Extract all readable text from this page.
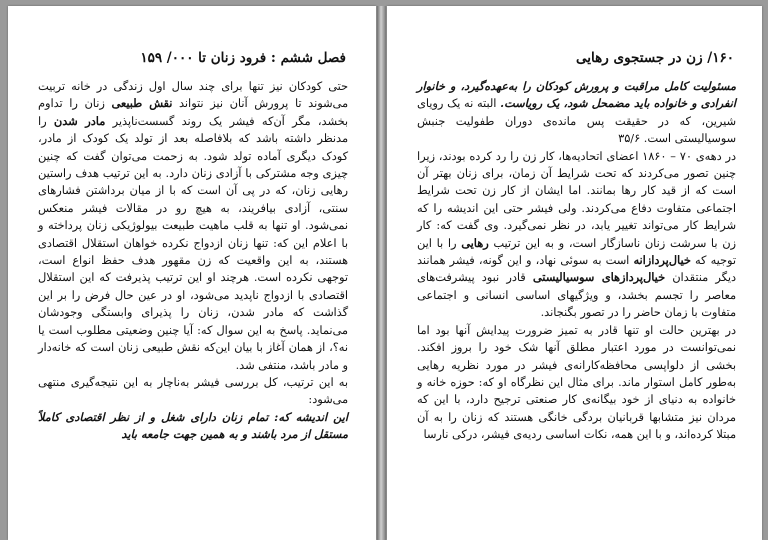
فصل ششم : فرود زنان تا ۰۰۰/ ۱۵۹

حتی کودکان نیز تنها برای چند سال اول زندگی در خانه تربیت می‌شوند تا پرورش آنان نیز نتواند نقش طبیعی زنان را تداوم بخشد، مگر آن‌که فیشر یک روند گسست‌ناپذیر مادر شدن را مدنظر داشته باشد که بلافاصله بعد از تولد یک کودک از مادر، کودک دیگری آماده تولد شود. به زحمت می‌توان گفت که چنین چیزی وجه مشترکی با آزادی زنان دارد. به این ترتیب هدف راستین رهایی زنان، که در پی آن است که با از میان برداشتن فشارهای سنتی، آزادی بیافریند، به هیچ رو در مقالات فیشر منعکس نمی‌شود. او تنها به قلب ماهیت طبیعت بیولوژیکی زنان پرداخته و با اعلام این که: تنها زنان ازدواج نکرده خواهان استقلال اقتصادی هستند، به این واقعیت که زن مقهور هدف حفظ انواع است، توجهی نکرده است. هرچند او این ترتیب پذیرفت که این استقلال اقتصادی با ازدواج ناپدید می‌شود، او در عین حال فرض را بر این گذاشت که مادر شدن، زنان را پذیرای وابستگی وجودشان می‌نماید. پاسخ به این سوال که: آیا چنین وضعیتی مطلوب است یا نه؟، از همان آغاز با بیان این‌که نقش طبیعی زنان است که خانه‌دار و مادر باشد، منتفی شد.

به این ترتیب، کل بررسی فیشر به‌ناچار به این نتیجه‌گیری منتهی می‌شود:

این اندیشه که: تمام زنان دارای شغل و از نظر اقتصادی کاملاً مستقل از مرد باشند و به همین جهت جامعه باید

۱۶۰/ زن در جستجوی رهایی

مسئولیت کامل مراقبت و پرورش کودکان را به‌عهده‌گیرد، و خانوار انفرادی و خانواده باید مضمحل شود، یک رویاست. البته نه یک رویای شیرین، که در حقیقت پس مانده‌ی دوران طفولیت جنبش سوسیالیستی است. ۳۵/۶

در دهه‌ی ۷۰ – ۱۸۶۰ اعضای اتحادیه‌ها، کار زن را رد کرده بودند، زیرا چنین تصور می‌کردند که تحت شرایط آن زمان، برای زنان بهتر آن است که از قید کار رها بمانند. اما ایشان از کار زن تحت شرایط اجتماعی متفاوت دفاع می‌کردند. ولی فیشر حتی این اندیشه را که شرایط کار می‌تواند تغییر یابد، در نظر نمی‌گیرد. وی گفت که: کار زن با سرشت زنان ناسازگار است، و به این ترتیب رهایی را با این توجیه که خیال‌پردازانه است به سوئی نهاد، و این گونه، فیشر همانند دیگر منتقدان خیال‌پردازهای سوسیالیستی قادر نبود پیشرفت‌های معاصر را تجسم بخشد، و ویژگیهای اساسی انسانی و اجتماعی متفاوت با زمان حاضر را در تصور بگنجاند.

در بهترین حالت او تنها قادر به تمیز ضرورت پیدایش آنها بود اما نمی‌توانست در مورد اعتبار مطلق آنها شک خود را بروز افکند. بخشی از دلواپسی محافظه‌کارانه‌ی فیشر در مورد نظریه رهایی به‌طور کامل استوار ماند. برای مثال این نظرگاه او که: حوزه خانه و خانواده به دنیای از خود بیگانه‌ی کار صنعتی ترجیح دارد، با این که مردان نیز متشابها قربانیان بردگی خانگی هستند که زنان را به آن مبتلا کرده‌اند، و با این همه، نکات اساسی ردیه‌ی فیشر، درکی نارسا
